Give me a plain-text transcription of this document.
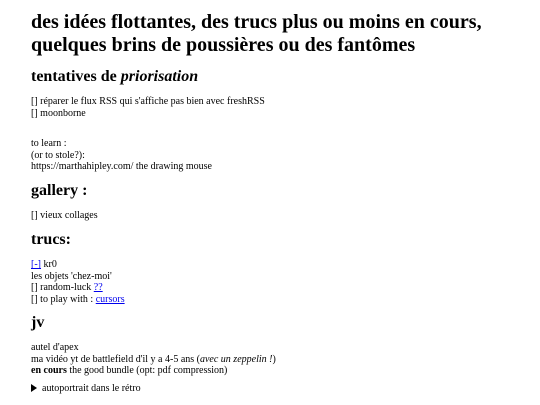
des idées flottantes, des trucs plus ou moins en cours,
quelques brins de poussières ou des fantômes
tentatives de priorisation
[] réparer le flux RSS qui s'affiche pas bien avec freshRSS
[] moonborne
to learn :
(or to stole?):
https://marthahipley.com/ the drawing mouse
gallery :
[] vieux collages
trucs:
[-] kr0
les objets 'chez-moi'
[] random-luck ??
[] to play with : cursors
jv
autel d'apex
ma vidéo yt de battlefield d'il y a 4-5 ans (avec un zeppelin !)
en cours the good bundle (opt: pdf compression)
autoportrait dans le rétro
